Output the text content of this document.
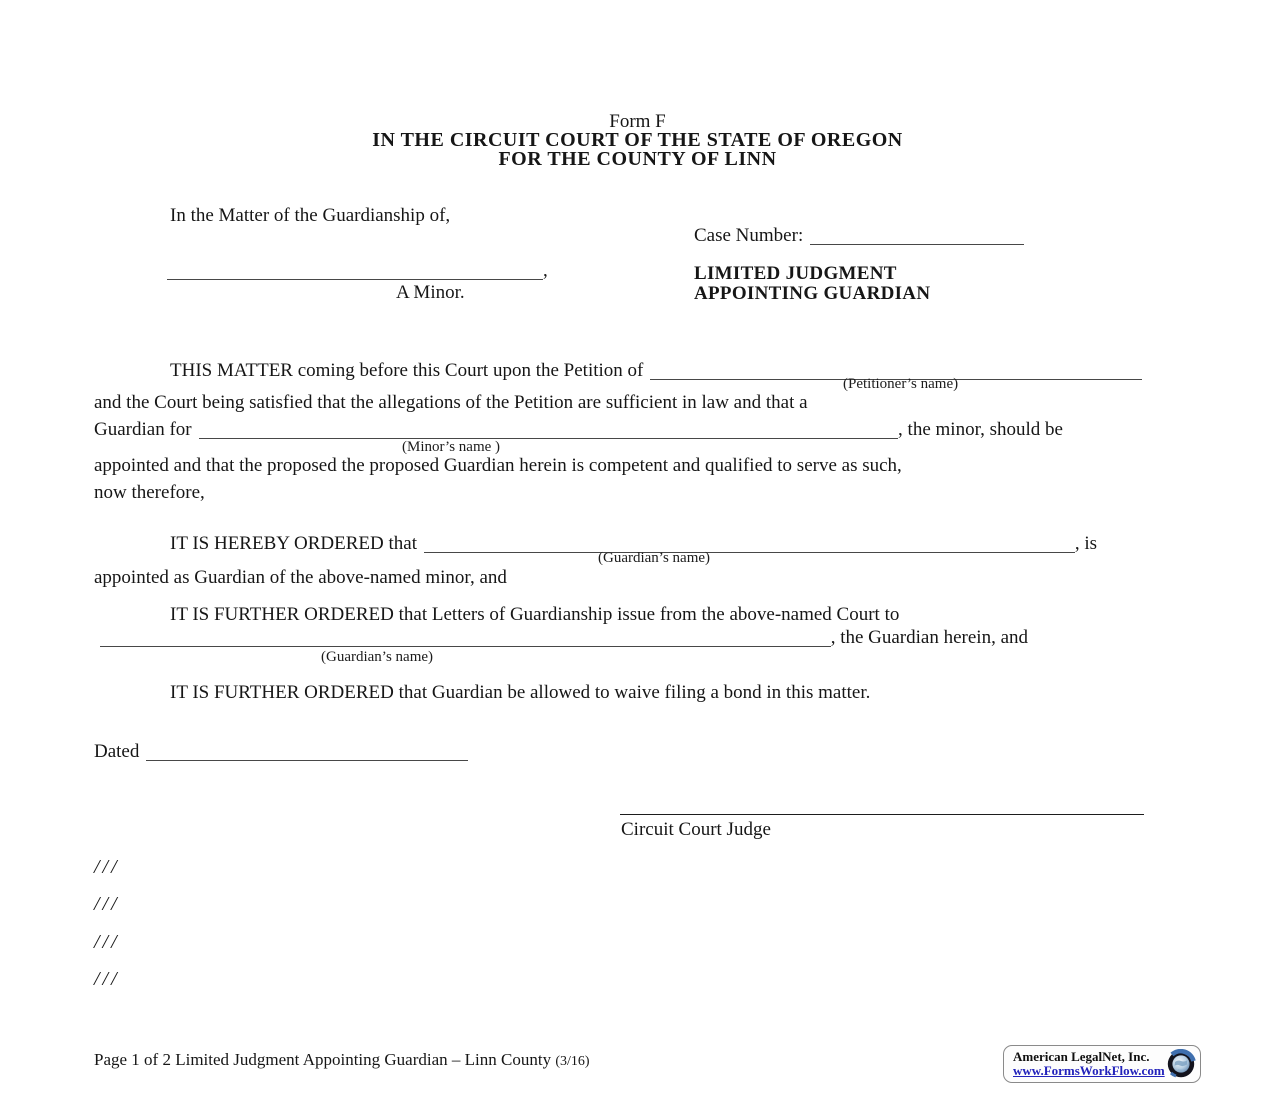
Form F
IN THE CIRCUIT COURT OF THE STATE OF OREGON
FOR THE COUNTY OF LINN
In the Matter of the Guardianship of,
Case Number:
,
A Minor.
LIMITED JUDGMENT
APPOINTING GUARDIAN
THIS MATTER coming before this Court upon the Petition of
(Petitioner’s name)
and the Court being satisfied that the allegations of the Petition are sufficient in law and that a
Guardian for	, the minor, should be
(Minor’s name )
appointed and that the proposed the proposed Guardian herein is competent and qualified to serve as such,
now therefore,
IT IS HEREBY ORDERED that	, is
(Guardian’s name)
appointed as Guardian of the above-named minor, and
IT IS FURTHER ORDERED that Letters of Guardianship issue from the above-named Court to
, the Guardian herein, and
(Guardian’s name)
IT IS FURTHER ORDERED that Guardian be allowed to waive filing a bond in this matter.
Dated
Circuit Court Judge
///
///
///
///
Page 1 of 2 Limited Judgment Appointing Guardian – Linn County (3/16)	American LegalNet, Inc.
www.FormsWorkFlow.com
